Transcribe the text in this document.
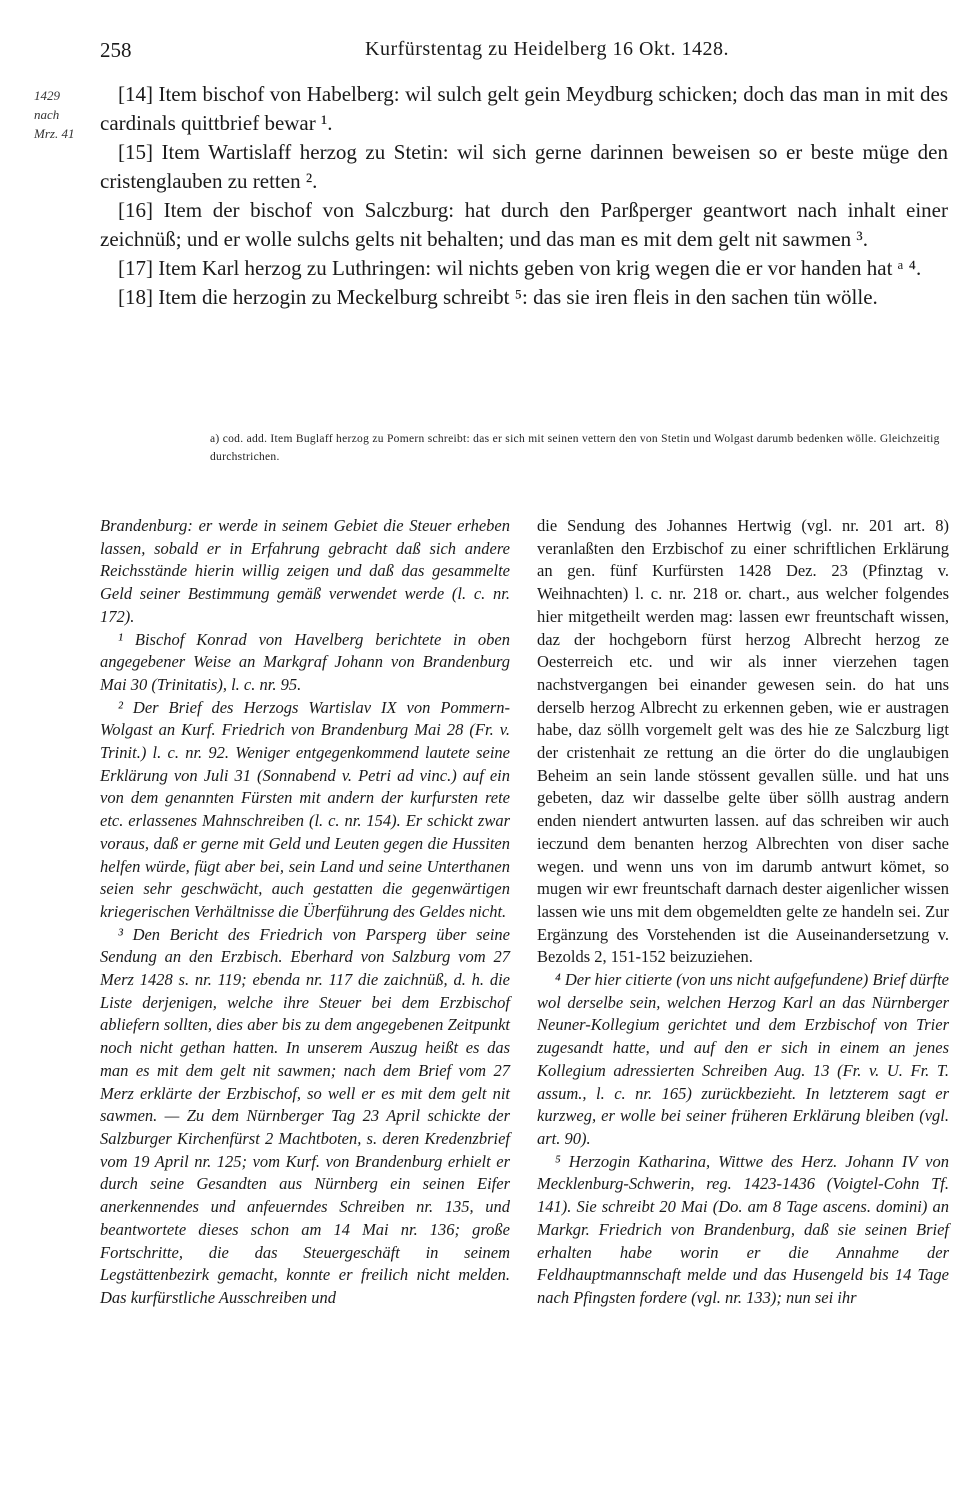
258	Kurfürstentag zu Heidelberg 16 Okt. 1428.
1429 nach Mrz. 41

[14] Item bischof von Habelberg: wil sulch gelt gein Meydburg schicken; doch das man in mit des cardinals quittbrief bewar ¹.

[15] Item Wartislaff herzog zu Stetin: wil sich gerne darinnen beweisen so er beste müge den cristenglauben zu retten ².

[16] Item der bischof von Salczburg: hat durch den Parßperger geantwort nach inhalt einer zeichnüß; und er wolle sulchs gelts nit behalten; und das man es mit dem gelt nit sawmen ³.

[17] Item Karl herzog zu Luthringen: wil nichts geben von krig wegen die er vor handen hat ᵃ ⁴.

[18] Item die herzogin zu Meckelburg schreibt ⁵: das sie iren fleis in den sachen tün wölle.

a) cod. add. Item Buglaff herzog zu Pomern schreibt: das er sich mit seinen vettern den von Stetin und Wolgast darumb bedenken wölle. Gleichzeitig durchstrichen.

Brandenburg: er werde in seinem Gebiet die Steuer erheben lassen, sobald er in Erfahrung gebracht daß sich andere Reichsstände hierin willig zeigen und daß das gesammelte Geld seiner Bestimmung gemäß verwendet werde (l. c. nr. 172).

¹ Bischof Konrad von Havelberg berichtete in oben angegebener Weise an Markgraf Johann von Brandenburg Mai 30 (Trinitatis), l. c. nr. 95.

² Der Brief des Herzogs Wartislav IX von Pommern-Wolgast an Kurf. Friedrich von Brandenburg Mai 28 (Fr. v. Trinit.) l. c. nr. 92. Weniger entgegenkommend lautete seine Erklärung von Juli 31 (Sonnabend v. Petri ad vinc.) auf ein von dem genannten Fürsten mit andern der kurfursten rete etc. erlassenes Mahnschreiben (l. c. nr. 154). Er schickt zwar voraus, daß er gerne mit Geld und Leuten gegen die Hussiten helfen würde, fügt aber bei, sein Land und seine Unterthanen seien sehr geschwächt, auch gestatten die gegenwärtigen kriegerischen Verhältnisse die Überführung des Geldes nicht.

³ Den Bericht des Friedrich von Parsperg über seine Sendung an den Erzbisch. Eberhard von Salzburg vom 27 Merz 1428 s. nr. 119; ebenda nr. 117 die zaichnüß, d. h. die Liste derjenigen, welche ihre Steuer bei dem Erzbischof abliefern sollten, dies aber bis zu dem angegebenen Zeitpunkt noch nicht gethan hatten. In unserem Auszug heißt es das man es mit dem gelt nit sawmen; nach dem Brief vom 27 Merz erklärte der Erzbischof, so well er es mit dem gelt nit sawmen. — Zu dem Nürnberger Tag 23 April schickte der Salzburger Kirchenfürst 2 Machtboten, s. deren Kredenzbrief vom 19 April nr. 125; vom Kurf. von Brandenburg erhielt er durch seine Gesandten aus Nürnberg ein seinen Eifer anerkennendes und anfeuerndes Schreiben nr. 135, und beantwortete dieses schon am 14 Mai nr. 136; große Fortschritte, die das Steuergeschäft in seinem Legstättenbezirk gemacht, konnte er freilich nicht melden. Das kurfürstliche Ausschreiben und

die Sendung des Johannes Hertwig (vgl. nr. 201 art. 8) veranlaßten den Erzbischof zu einer schriftlichen Erklärung an gen. fünf Kurfürsten 1428 Dez. 23 (Pfinztag v. Weihnachten) l. c. nr. 218 or. chart., aus welcher folgendes hier mitgetheilt werden mag: lassen ewr freuntschaft wissen, daz der hochgeborn fürst herzog Albrecht herzog ze Oesterreich etc. und wir als inner vierzehen tagen nachstvergangen bei einander gewesen sein. do hat uns derselb herzog Albrecht zu erkennen geben, wie er austragen habe, daz söllh vorgemelt gelt was des hie ze Salczburg ligt der cristenhait ze rettung an die örter do die unglaubigen Beheim an sein lande stössent gevallen sülle. und hat uns gebeten, daz wir dasselbe gelte über söllh austrag andern enden niendert antwurten lassen. auf das schreiben wir auch ieczund dem benanten herzog Albrechten von diser sache wegen. und wenn uns von im darumb antwurt kömet, so mugen wir ewr freuntschaft darnach dester aigenlicher wissen lassen wie uns mit dem obgemeldten gelte ze handeln sei. Zur Ergänzung des Vorstehenden ist die Auseinandersetzung v. Bezolds 2, 151-152 beizuziehen.

⁴ Der hier citierte (von uns nicht aufgefundene) Brief dürfte wol derselbe sein, welchen Herzog Karl an das Nürnberger Neuner-Kollegium gerichtet und dem Erzbischof von Trier zugesandt hatte, und auf den er sich in einem an jenes Kollegium adressierten Schreiben Aug. 13 (Fr. v. U. Fr. T. assum., l. c. nr. 165) zurückbezieht. In letzterem sagt er kurzweg, er wolle bei seiner früheren Erklärung bleiben (vgl. art. 90).

⁵ Herzogin Katharina, Wittwe des Herz. Johann IV von Mecklenburg-Schwerin, reg. 1423-1436 (Voigtel-Cohn Tf. 141). Sie schreibt 20 Mai (Do. am 8 Tage ascens. domini) an Markgr. Friedrich von Brandenburg, daß sie seinen Brief erhalten habe worin er die Annahme der Feldhauptmannschaft melde und das Husengeld bis 14 Tage nach Pfingsten fordere (vgl. nr. 133); nun sei ihr
